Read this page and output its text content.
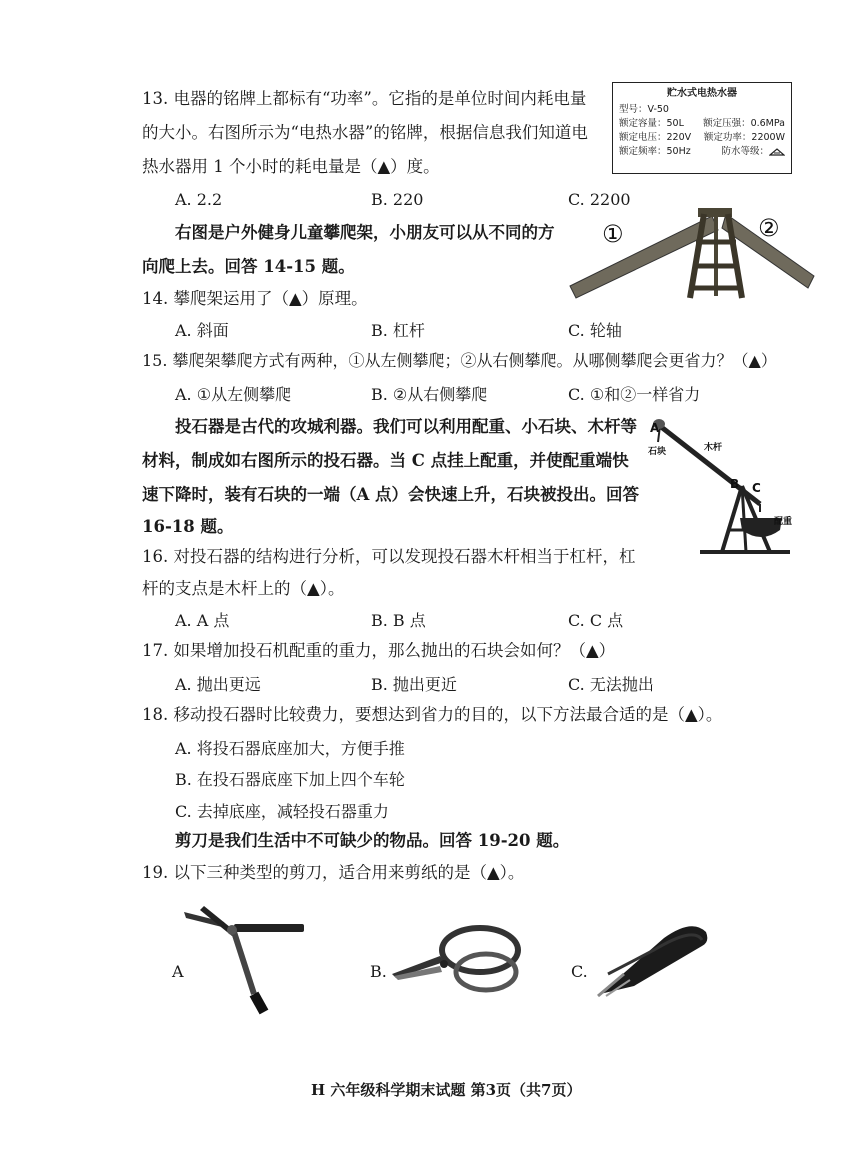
13. 电器的铭牌上都标有“功率”。它指的是单位时间内耗电量
的大小。右图所示为“电热水器”的铭牌，根据信息我们知道电
热水器用 1 个小时的耗电量是（▲）度。
贮水式电热水器
型号：V-50
额定容量：50L 额定压强：0.6MPa
额定电压：220V 额定功率：2200W
额定频率：50Hz	防水等级：
A. 2.2	B. 220	C. 2200
右图是户外健身儿童攀爬架，小朋友可以从不同的方
向爬上去。回答 14-15 题。
①	②
14. 攀爬架运用了（▲）原理。
A. 斜面	B. 杠杆	C. 轮轴
15. 攀爬架攀爬方式有两种，①从左侧攀爬；②从右侧攀爬。从哪侧攀爬会更省力？（▲）
A. ①从左侧攀爬	B. ②从右侧攀爬	C. ①和②一样省力
投石器是古代的攻城利器。我们可以利用配重、小石块、木杆等
材料，制成如右图所示的投石器。当 C 点挂上配重，并使配重端快
速下降时，装有石块的一端（A 点）会快速上升，石块被投出。回答
16-18 题。
A
石块	木杆
B C
配重
16. 对投石器的结构进行分析，可以发现投石器木杆相当于杠杆，杠
杆的支点是木杆上的（▲）。
A. A 点	B. B 点	C. C 点
17. 如果增加投石机配重的重力，那么抛出的石块会如何？（▲）
A. 抛出更远	B. 抛出更近	C. 无法抛出
18. 移动投石器时比较费力，要想达到省力的目的，以下方法最合适的是（▲）。
A. 将投石器底座加大，方便手推
B. 在投石器底座下加上四个车轮
C. 去掉底座，减轻投石器重力
剪刀是我们生活中不可缺少的物品。回答 19-20 题。
19. 以下三种类型的剪刀，适合用来剪纸的是（▲）。
A	B.	C.
H 六年级科学期末试题 第3页（共7页）
